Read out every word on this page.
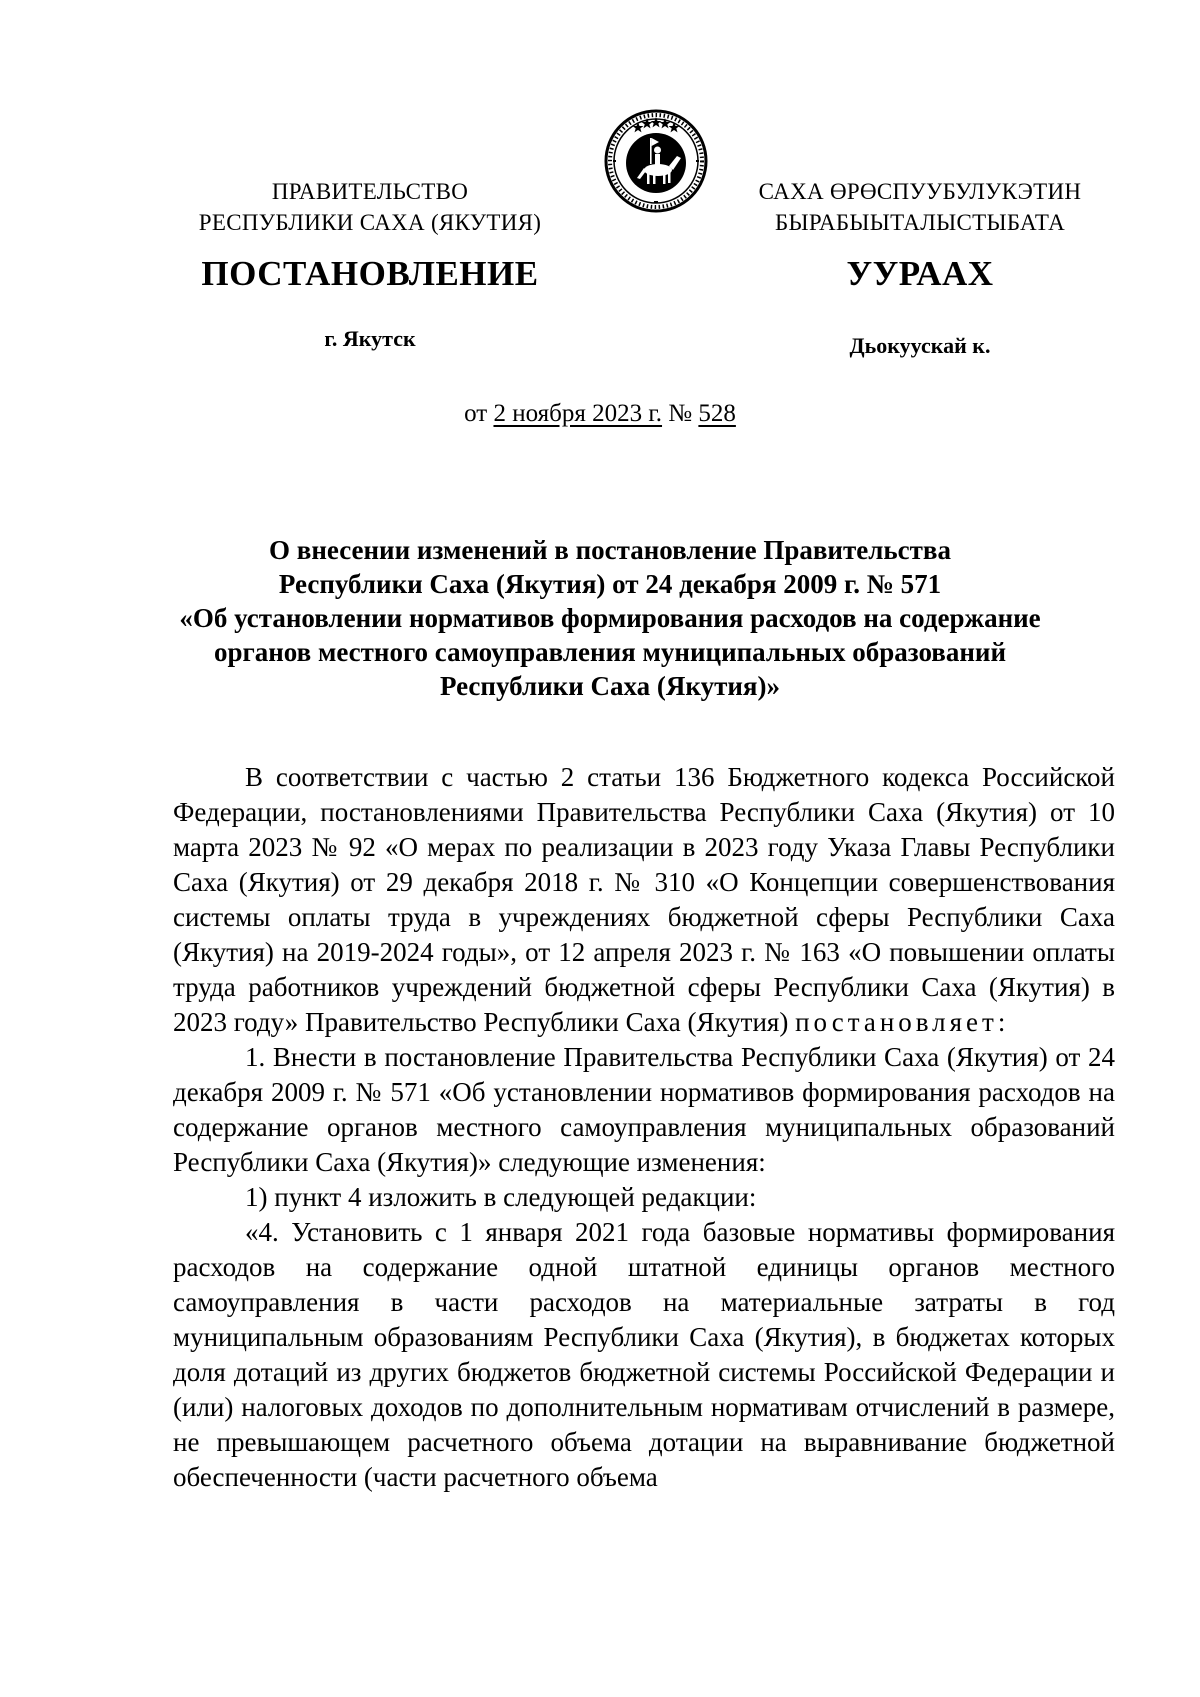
ПРАВИТЕЛЬСТВО
РЕСПУБЛИКИ САХА (ЯКУТИЯ)
САХА ӨРӨСПУУБУЛУКЭТИН
БЫРАБЫЫТАЛЫСТЫБАТА
ПОСТАНОВЛЕНИЕ	УУРААХ
г. Якутск	Дьокуускай к.
от 2 ноября 2023 г. № 528
О внесении изменений в постановление Правительства
Республики Саха (Якутия) от 24 декабря 2009 г. № 571
«Об установлении нормативов формирования расходов на содержание
органов местного самоуправления муниципальных образований
Республики Саха (Якутия)»

В соответствии с частью 2 статьи 136 Бюджетного кодекса Российской Федерации, постановлениями Правительства Республики Саха (Якутия) от 10 марта 2023 № 92 «О мерах по реализации в 2023 году Указа Главы Республики Саха (Якутия) от 29 декабря 2018 г. № 310 «О Концепции совершенствования системы оплаты труда в учреждениях бюджетной сферы Республики Саха (Якутия) на 2019-2024 годы», от 12 апреля 2023 г. № 163 «О повышении оплаты труда работников учреждений бюджетной сферы Республики Саха (Якутия) в 2023 году» Правительство Республики Саха (Якутия) постановляет:

1. Внести в постановление Правительства Республики Саха (Якутия) от 24 декабря 2009 г. № 571 «Об установлении нормативов формирования расходов на содержание органов местного самоуправления муниципальных образований Республики Саха (Якутия)» следующие изменения:

1) пункт 4 изложить в следующей редакции:

«4. Установить с 1 января 2021 года базовые нормативы формирования расходов на содержание одной штатной единицы органов местного самоуправления в части расходов на материальные затраты в год муниципальным образованиям Республики Саха (Якутия), в бюджетах которых доля дотаций из других бюджетов бюджетной системы Российской Федерации и (или) налоговых доходов по дополнительным нормативам отчислений в размере, не превышающем расчетного объема дотации на выравнивание бюджетной обеспеченности (части расчетного объема
